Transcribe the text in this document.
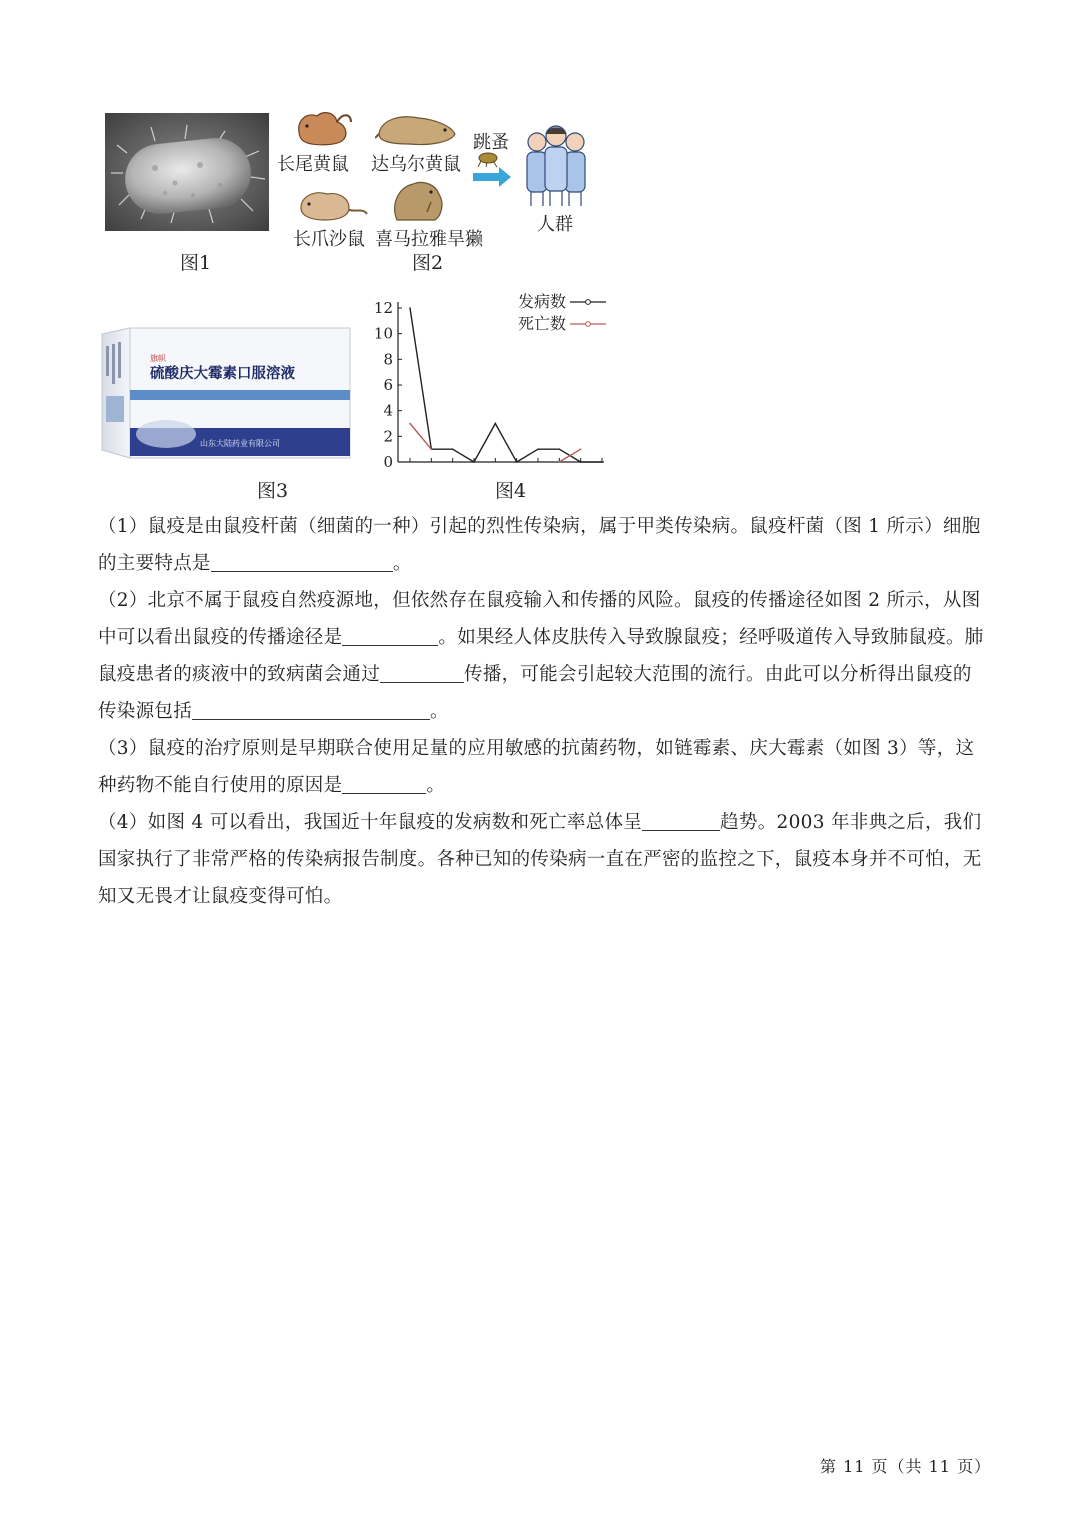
图1
长尾黄鼠 达乌尔黄鼠
长爪沙鼠 喜马拉雅旱獭
跳蚤
人群
图2
旗帜
硫酸庆大霉素口服溶液
山东大陆药业有限公司
图3
12
10
8
6
4
2
0
发病数
死亡数
图4

（1）鼠疫是由鼠疫杆菌（细菌的一种）引起的烈性传染病，属于甲类传染病。鼠疫杆菌（图 1 所示）细胞的主要特点是	。

（2）北京不属于鼠疫自然疫源地，但依然存在鼠疫输入和传播的风险。鼠疫的传播途径如图 2 所示，从图中可以看出鼠疫的传播途径是	。如果经人体皮肤传入导致腺鼠疫；经呼吸道传入导致肺鼠疫。肺鼠疫患者的痰液中的致病菌会通过	传播，可能会引起较大范围的流行。由此可以分析得出鼠疫的传染源包括	。

（3）鼠疫的治疗原则是早期联合使用足量的应用敏感的抗菌药物，如链霉素、庆大霉素（如图 3）等，这种药物不能自行使用的原因是	。

（4）如图 4 可以看出，我国近十年鼠疫的发病数和死亡率总体呈	趋势。2003 年非典之后，我们国家执行了非常严格的传染病报告制度。各种已知的传染病一直在严密的监控之下，鼠疫本身并不可怕，无知又无畏才让鼠疫变得可怕。

第 11 页（共 11 页）
